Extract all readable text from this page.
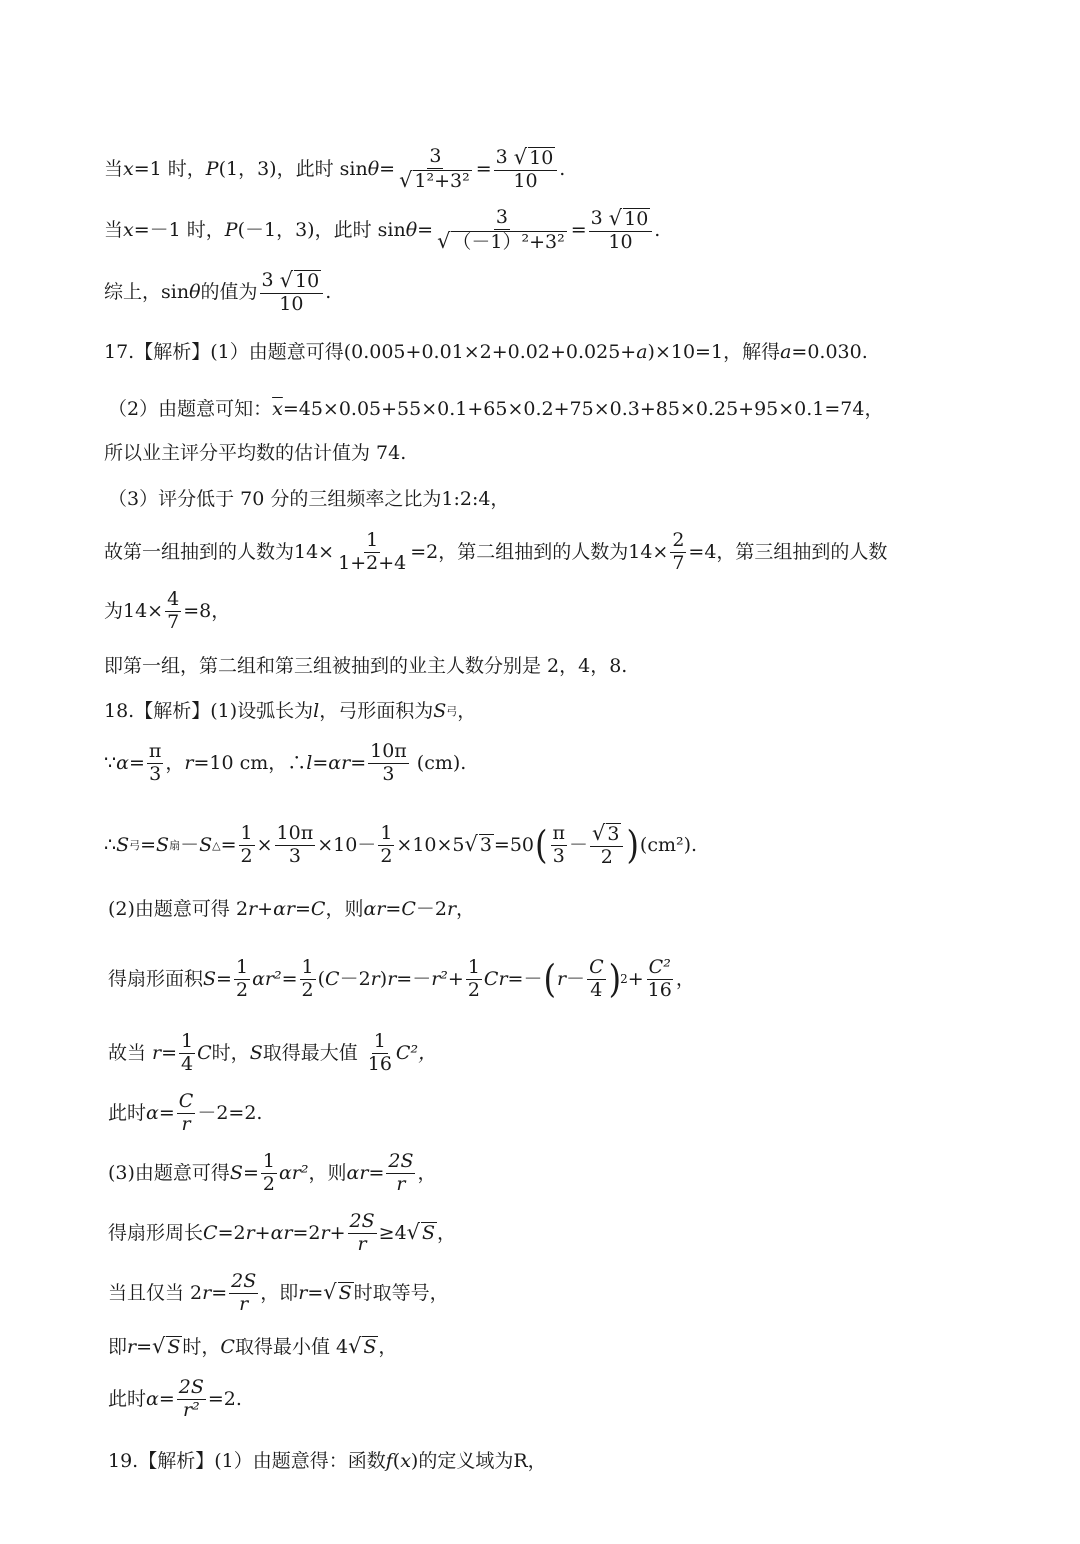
当 x =1 时， P (1，3)，此时 $\sin \theta = \frac{3}{\text{√ 1²+3²}} = \frac{3 √ 10}{10}$ .
当 x =－1 时， P (－1，3)，此时 $\sin \theta = \frac{3}{\text{√ （－1）²+3²}} = \frac{3 √ 10}{10}$ .
综上，sin θ 的值为 $\frac{3 √ 10}{10}$ .
17.【解析】(1）由题意可得 (0.005+0.01×2+0.02+0.025+ a )×10=1，解得 a =0.030.
（2）由题意可知： $\overline{x} =45\times 0.05+55\times 0.1+65\times 0.2+75\times 0.3+85\times 0.25+95\times 0.1=74$，
所以业主评分平均数的估计值为 74.
（3）评分低于 70 分的三组频率之比为 1:2:4，
故第一组抽到的人数为$14\times \frac{1}{1+2+4} =2$，第二组抽到的人数为$14\times \frac{2}{7} =4$，第三组抽到的人数
为$14\times \frac{4}{7} =8$，
即第一组，第二组和第三组被抽到的业主人数分别是 2，4，8.
18.【解析】(1)设弧长为 l ，弓形面积为 S 弓 ，
∵ $\alpha = \frac{\pi}{3}$ ， r =10 cm，∴ $l = \alpha r = \frac{10\pi}{3} (cm)$.
∴ S 弓 = S 扇 － S △ = $\frac{1}{2} \times \frac{10\pi}{3} \times 10- \frac{1}{2} \times 10\times 5$ √ 3 =50 ( $\frac{\pi}{3} - \frac{√ 3}{2}$ ) (cm²).
(2)由题意可得 2 r + αr = C ，则 αr = C －2 r ，
得扇形面积 $S = \frac{1}{2} \alpha r^2 = \frac{1}{2}$ ( C －2 r ) $r =- r^2 + \frac{1}{2}$ Cr =－ ( $r - \frac{C}{4}$ ) $2 + \frac{\text{C²}}{16}$ ，
故当 $r = \frac{1}{4}$ C 时， S 取得最大值 $\frac{1}{16} C^2$，
此时 $\alpha = \frac{C}{r} -2=2$.
(3)由题意可得 $S = \frac{1}{2} \alpha r^2$ ，则 $\alpha r = \frac{2S}{r}$ ，
得扇形周长 C =2 r + αr =2 $r + \frac{2S}{r} \ge 4$ √ S ，
当且仅当 2 $r = \frac{2S}{r}$ ，即 r = √ S 时取等号，
即 r = √ S 时， C 取得最小值 4 √ S ，
此时 $\alpha = \frac{2S}{\text{r²}} =2$.
19.【解析】(1）由题意得：函数 f ( x )的定义域为R，
